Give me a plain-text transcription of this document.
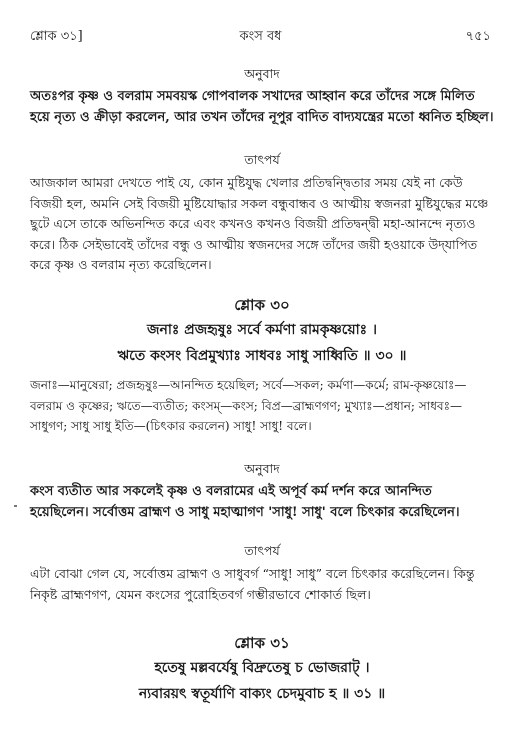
শ্লোক ৩১]	কংস বধ	৭৫১
অনুবাদ
অতঃপর কৃষ্ণ ও বলরাম সমবয়স্ক গোপবালক সখাদের আহ্বান করে তাঁদের সঙ্গে মিলিত হয়ে নৃত্য ও ক্রীড়া করলেন, আর তখন তাঁদের নূপুর বাদিত বাদ্যযন্ত্রের মতো ধ্বনিত হচ্ছিল।
তাৎপর্য
আজকাল আমরা দেখতে পাই যে, কোন মুষ্টিযুদ্ধ খেলার প্রতিদ্বন্দ্বিতার সময় যেই না কেউ বিজয়ী হল, অমনি সেই বিজয়ী মুষ্টিযোদ্ধার সকল বন্ধুবান্ধব ও আত্মীয় স্বজনরা মুষ্টিযুদ্ধের মঞ্চে ছুটে এসে তাকে অভিনন্দিত করে এবং কখনও কখনও বিজয়ী প্রতিদ্বন্দ্বী মহা-আনন্দে নৃত্যও করে। ঠিক সেইভাবেই তাঁদের বন্ধু ও আত্মীয় স্বজনদের সঙ্গে তাঁদের জয়ী হওয়াকে উদ্‌যাপিত করে কৃষ্ণ ও বলরাম নৃত্য করেছিলেন।
শ্লোক ৩০
জনাঃ প্রজহৃষুঃ সর্বে কর্মণা রামকৃষ্ণয়োঃ ।
ঋতে কংসং বিপ্রমুখ্যাঃ সাধবঃ সাধু সাধ্বিতি ॥ ৩০ ॥
জনাঃ—মানুষেরা; প্রজহৃষুঃ—আনন্দিত হয়েছিল; সর্বে—সকল; কর্মণা—কর্মে; রাম-কৃষ্ণয়োঃ—বলরাম ও কৃষ্ণের; ঋতে—ব্যতীত; কংসম্—কংস; বিপ্র—ব্রাহ্মণগণ; মুখ্যাঃ—প্রধান; সাধবঃ—সাধুগণ; সাধু সাধু ইতি—(চিৎকার করলেন) সাধু! সাধু! বলে।
অনুবাদ
কংস ব্যতীত আর সকলেই কৃষ্ণ ও বলরামের এই অপূর্ব কর্ম দর্শন করে আনন্দিত হয়েছিলেন। সর্বোত্তম ব্রাহ্মণ ও সাধু মহাত্মাগণ 'সাধু! সাধু' বলে চিৎকার করেছিলেন।
তাৎপর্য
এটা বোঝা গেল যে, সর্বোত্তম ব্রাহ্মণ ও সাধুবর্গ “সাধু! সাধু” বলে চিৎকার করেছিলেন। কিন্তু নিকৃষ্ট ব্রাহ্মণগণ, যেমন কংসের পুরোহিতবর্গ গম্ভীরভাবে শোকার্ত ছিল।
শ্লোক ৩১
হতেষু মল্লবর্যেষু বিদ্রুতেষু চ ভোজরাট্ ।
ন্যবারয়ৎ স্বতূর্যাণি বাক্যং চেদমুবাচ হ ॥ ৩১ ॥
